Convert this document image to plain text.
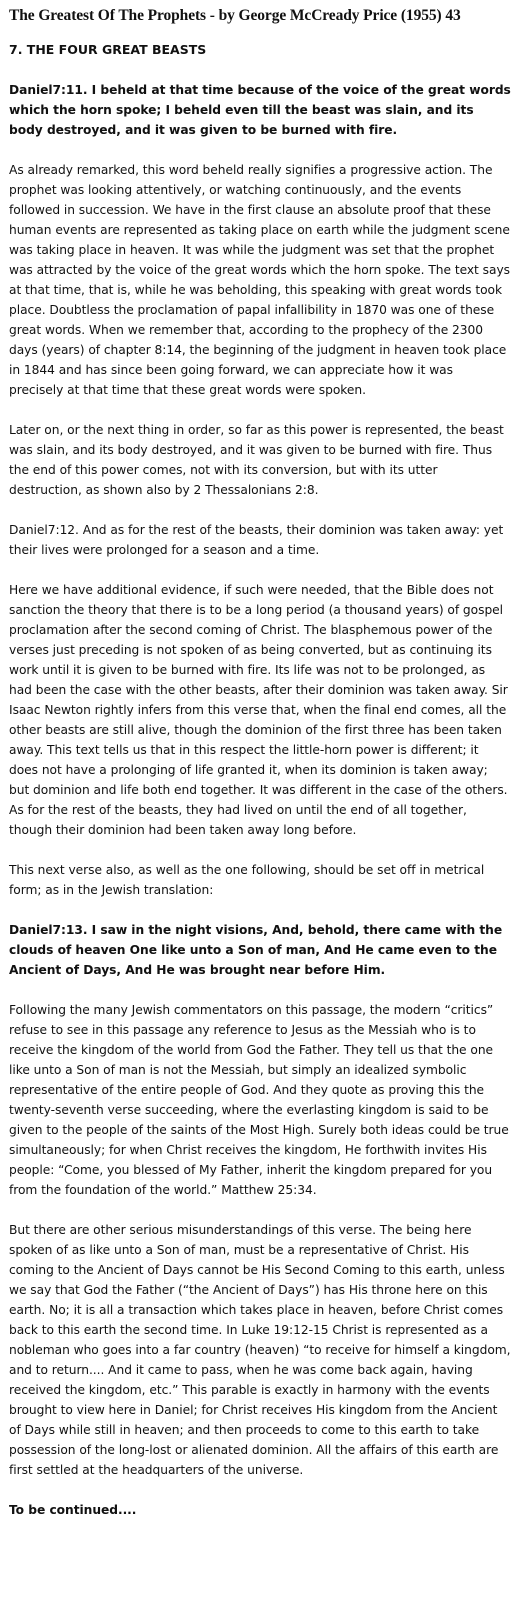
The Greatest Of The Prophets - by George McCready Price (1955) 43
7. THE FOUR GREAT BEASTS

Daniel7:11. I beheld at that time because of the voice of the great words which the horn spoke; I beheld even till the beast was slain, and its body destroyed, and it was given to be burned with fire.

As already remarked, this word beheld really signifies a progressive action. The prophet was looking attentively, or watching continuously, and the events followed in succession. We have in the first clause an absolute proof that these human events are represented as taking place on earth while the judgment scene was taking place in heaven. It was while the judgment was set that the prophet was attracted by the voice of the great words which the horn spoke. The text says at that time, that is, while he was beholding, this speaking with great words took place. Doubtless the proclamation of papal infallibility in 1870 was one of these great words. When we remember that, according to the prophecy of the 2300 days (years) of chapter 8:14, the beginning of the judgment in heaven took place in 1844 and has since been going forward, we can appreciate how it was precisely at that time that these great words were spoken.

Later on, or the next thing in order, so far as this power is represented, the beast was slain, and its body destroyed, and it was given to be burned with fire. Thus the end of this power comes, not with its conversion, but with its utter destruction, as shown also by 2 Thessalonians 2:8.

Daniel7:12. And as for the rest of the beasts, their dominion was taken away: yet their lives were prolonged for a season and a time.

Here we have additional evidence, if such were needed, that the Bible does not sanction the theory that there is to be a long period (a thousand years) of gospel proclamation after the second coming of Christ. The blasphemous power of the verses just preceding is not spoken of as being converted, but as continuing its work until it is given to be burned with fire. Its life was not to be prolonged, as had been the case with the other beasts, after their dominion was taken away. Sir Isaac Newton rightly infers from this verse that, when the final end comes, all the other beasts are still alive, though the dominion of the first three has been taken away. This text tells us that in this respect the little-horn power is different; it does not have a prolonging of life granted it, when its dominion is taken away; but dominion and life both end together. It was different in the case of the others. As for the rest of the beasts, they had lived on until the end of all together, though their dominion had been taken away long before.

This next verse also, as well as the one following, should be set off in metrical form; as in the Jewish translation:

Daniel7:13. I saw in the night visions, And, behold, there came with the clouds of heaven One like unto a Son of man, And He came even to the Ancient of Days, And He was brought near before Him.

Following the many Jewish commentators on this passage, the modern “critics” refuse to see in this passage any reference to Jesus as the Messiah who is to receive the kingdom of the world from God the Father. They tell us that the one like unto a Son of man is not the Messiah, but simply an idealized symbolic representative of the entire people of God. And they quote as proving this the twenty-seventh verse succeeding, where the everlasting kingdom is said to be given to the people of the saints of the Most High. Surely both ideas could be true simultaneously; for when Christ receives the kingdom, He forthwith invites His people: “Come, you blessed of My Father, inherit the kingdom prepared for you from the foundation of the world.” Matthew 25:34.

But there are other serious misunderstandings of this verse. The being here spoken of as like unto a Son of man, must be a representative of Christ. His coming to the Ancient of Days cannot be His Second Coming to this earth, unless we say that God the Father (“the Ancient of Days”) has His throne here on this earth. No; it is all a transaction which takes place in heaven, before Christ comes back to this earth the second time. In Luke 19:12-15 Christ is represented as a nobleman who goes into a far country (heaven) “to receive for himself a kingdom, and to return.... And it came to pass, when he was come back again, having received the kingdom, etc.” This parable is exactly in harmony with the events brought to view here in Daniel; for Christ receives His kingdom from the Ancient of Days while still in heaven; and then proceeds to come to this earth to take possession of the long-lost or alienated dominion. All the affairs of this earth are first settled at the headquarters of the universe.

To be continued....
